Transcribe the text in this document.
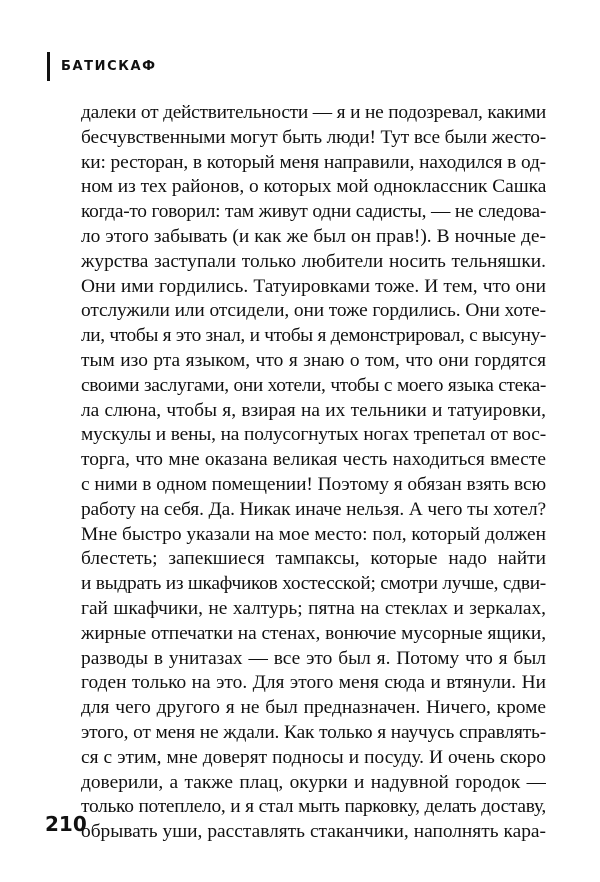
БАТИСКАФ
далеки от действительности — я и не подозревал, какими
бесчувственными могут быть люди! Тут все были жесто-
ки: ресторан, в который меня направили, находился в од-
ном из тех районов, о которых мой одноклассник Сашка
когда-то говорил: там живут одни садисты, — не следова-
ло этого забывать (и как же был он прав!). В ночные де-
журства заступали только любители носить тельняшки.
Они ими гордились. Татуировками тоже. И тем, что они
отслужили или отсидели, они тоже гордились. Они хоте-
ли, чтобы я это знал, и чтобы я демонстрировал, с высуну-
тым изо рта языком, что я знаю о том, что они гордятся
своими заслугами, они хотели, чтобы с моего языка стека-
ла слюна, чтобы я, взирая на их тельники и татуировки,
мускулы и вены, на полусогнутых ногах трепетал от вос-
торга, что мне оказана великая честь находиться вместе
с ними в одном помещении! Поэтому я обязан взять всю
работу на себя. Да. Никак иначе нельзя. А чего ты хотел?
Мне быстро указали на мое место: пол, который должен
блестеть; запекшиеся тампаксы, которые надо найти
и выдрать из шкафчиков хостесской; смотри лучше, сдви-
гай шкафчики, не халтурь; пятна на стеклах и зеркалах,
жирные отпечатки на стенах, вонючие мусорные ящики,
разводы в унитазах — все это был я. Потому что я был
годен только на это. Для этого меня сюда и втянули. Ни
для чего другого я не был предназначен. Ничего, кроме
этого, от меня не ждали. Как только я научусь справлять-
ся с этим, мне доверят подносы и посуду. И очень скоро
доверили, а также плац, окурки и надувной городок —
только потеплело, и я стал мыть парковку, делать доставу,
обрывать уши, расставлять стаканчики, наполнять кара-
210
